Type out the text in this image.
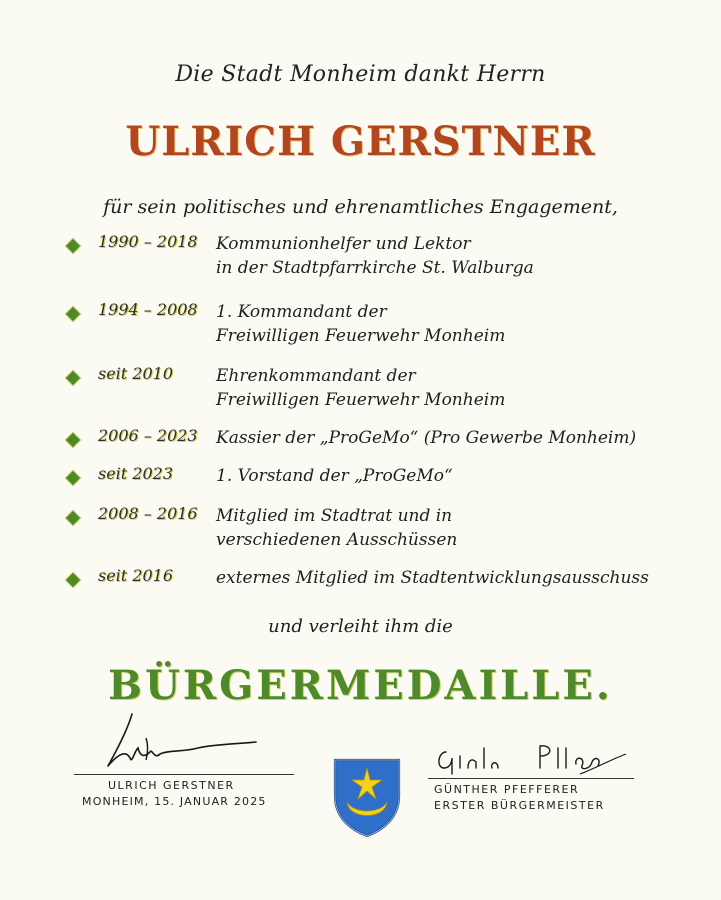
Die Stadt Monheim dankt Herrn
ULRICH GERSTNER
für sein politisches und ehrenamtliches Engagement,
1990 – 2018	Kommunionhelfer und Lektor
in der Stadtpfarrkirche St. Walburga
1994 – 2008	1. Kommandant der
Freiwilligen Feuerwehr Monheim
seit 2010	Ehrenkommandant der
Freiwilligen Feuerwehr Monheim
2006 – 2023	Kassier der „ProGeMo“ (Pro Gewerbe Monheim)
seit 2023	1. Vorstand der „ProGeMo“
2008 – 2016	Mitglied im Stadtrat und in
verschiedenen Ausschüssen
seit 2016	externes Mitglied im Stadtentwicklungsausschuss
und verleiht ihm die
BÜRGERMEDAILLE.
ULRICH GERSTNER
MONHEIM, 15. JANUAR 2025
GÜNTHER PFEFFERER
ERSTER BÜRGERMEISTER
